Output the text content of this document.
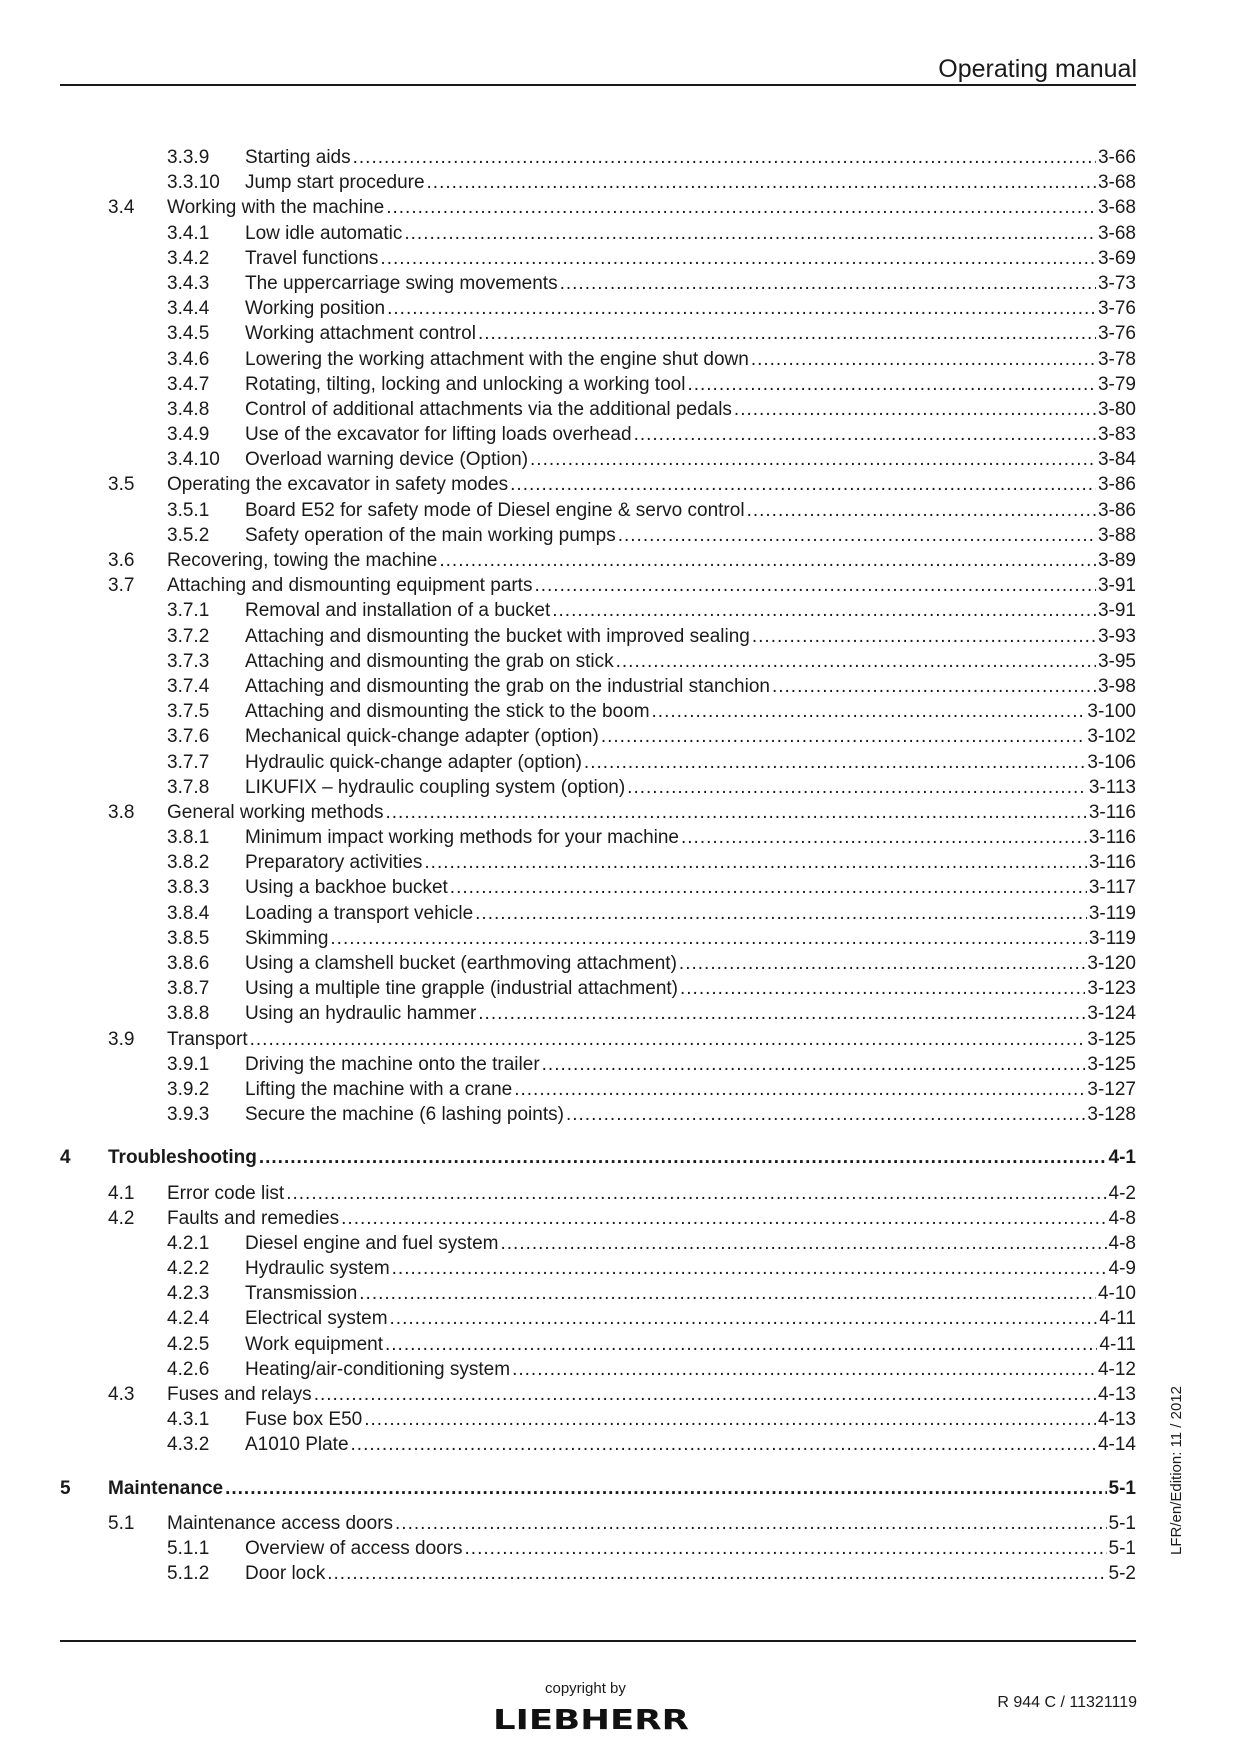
Operating manual
3.3.9 Starting aids .....	3-66
3.3.10 Jump start procedure .....	3-68
3.4 Working with the machine .....	3-68
3.4.1 Low idle automatic .....	3-68
3.4.2 Travel functions .....	3-69
3.4.3 The uppercarriage swing movements .....	3-73
3.4.4 Working position .....	3-76
3.4.5 Working attachment control .....	3-76
3.4.6 Lowering the working attachment with the engine shut down .....	3-78
3.4.7 Rotating, tilting, locking and unlocking a working tool .....	3-79
3.4.8 Control of additional attachments via the additional pedals .....	3-80
3.4.9 Use of the excavator for lifting loads overhead .....	3-83
3.4.10 Overload warning device (Option) .....	3-84
3.5 Operating the excavator in safety modes .....	3-86
3.5.1 Board E52 for safety mode of Diesel engine & servo control .....	3-86
3.5.2 Safety operation of the main working pumps .....	3-88
3.6 Recovering, towing the machine .....	3-89
3.7 Attaching and dismounting equipment parts .....	3-91
3.7.1 Removal and installation of a bucket .....	3-91
3.7.2 Attaching and dismounting the bucket with improved sealing .....	3-93
3.7.3 Attaching and dismounting the grab on stick .....	3-95
3.7.4 Attaching and dismounting the grab on the industrial stanchion .....	3-98
3.7.5 Attaching and dismounting the stick to the boom .....	3-100
3.7.6 Mechanical quick-change adapter (option) .....	3-102
3.7.7 Hydraulic quick-change adapter (option) .....	3-106
3.7.8 LIKUFIX – hydraulic coupling system (option) .....	3-113
3.8 General working methods .....	3-116
3.8.1 Minimum impact working methods for your machine .....	3-116
3.8.2 Preparatory activities .....	3-116
3.8.3 Using a backhoe bucket .....	3-117
3.8.4 Loading a transport vehicle .....	3-119
3.8.5 Skimming .....	3-119
3.8.6 Using a clamshell bucket (earthmoving attachment) .....	3-120
3.8.7 Using a multiple tine grapple (industrial attachment) .....	3-123
3.8.8 Using an hydraulic hammer .....	3-124
3.9 Transport .....	3-125
3.9.1 Driving the machine onto the trailer .....	3-125
3.9.2 Lifting the machine with a crane .....	3-127
3.9.3 Secure the machine (6 lashing points) .....	3-128
4 Troubleshooting .....	4-1
4.1 Error code list .....	4-2
4.2 Faults and remedies .....	4-8
4.2.1 Diesel engine and fuel system .....	4-8
4.2.2 Hydraulic system .....	4-9
4.2.3 Transmission .....	4-10
4.2.4 Electrical system .....	4-11
4.2.5 Work equipment .....	4-11
4.2.6 Heating/air-conditioning system .....	4-12
4.3 Fuses and relays .....	4-13
4.3.1 Fuse box E50 .....	4-13
4.3.2 A1010 Plate .....	4-14
5 Maintenance .....	5-1
5.1 Maintenance access doors .....	5-1
5.1.1 Overview of access doors .....	5-1
5.1.2 Door lock .....	5-2
LFR/en/Edition: 11 / 2012
copyright by
LIEBHERR
R 944 C / 11321119
